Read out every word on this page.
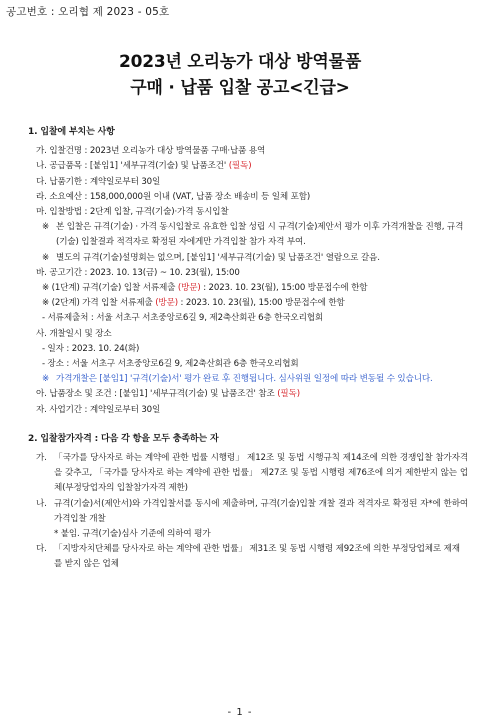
공고번호 : 오리협 제 2023 - 05호
2023년 오리농가 대상 방역물품
구매 · 납품 입찰 공고<긴급>
1. 입찰에 부치는 사항
가. 입찰건명 : 2023년 오리농가 대상 방역물품 구매·납품 용역
나. 공급품목 : [붙임1] '세부규격(기술) 및 납품조건' (필독)
다. 납품기한 : 계약일로부터 30일
라. 소요예산 : 158,000,000원 이내 (VAT, 납품 장소 배송비 등 일체 포함)
마. 입찰방법 : 2단계 입찰, 규격(기술)·가격 동시입찰
※ 본 입찰은 규격(기술) · 가격 동시입찰로 유효한 입찰 성립 시 규격(기술)제안서 평가 이후 가격개찰을 진행, 규격(기술) 입찰결과 적격자로 확정된 자에게만 가격입찰 참가 자격 부여.
※ 별도의 규격(기술)설명회는 없으며, [붙임1] '세부규격(기술) 및 납품조건' 열람으로 갈음.
바. 공고기간 : 2023. 10. 13(금) ~ 10. 23(월), 15:00
※ (1단계) 규격(기술) 입찰 서류제출 (방문) : 2023. 10. 23(월), 15:00 방문접수에 한함
※ (2단계) 가격 입찰 서류제출 (방문) : 2023. 10. 23(월), 15:00 방문접수에 한함
- 서류제출처 : 서울 서초구 서초중앙로6길 9, 제2축산회관 6층 한국오리협회
사. 개찰일시 및 장소
- 일자 : 2023. 10. 24(화)
- 장소 : 서울 서초구 서초중앙로6길 9, 제2축산회관 6층 한국오리협회
※ 가격개찰은 [붙임1] '규격(기술)서' 평가 완료 후 진행됩니다. 심사위원 일정에 따라 변동될 수 있습니다.
아. 납품장소 및 조건 : [붙임1] '세부규격(기술) 및 납품조건' 참조 (필독)
자. 사업기간 : 계약일로부터 30일
2. 입찰참가자격 : 다음 각 항을 모두 충족하는 자
가. 「국가를 당사자로 하는 계약에 관한 법률 시행령」 제12조 및 동법 시행규칙 제14조에 의한 경쟁입찰 참가자격을 갖추고, 「국가를 당사자로 하는 계약에 관한 법률」 제27조 및 동법 시행령 제76조에 의거 제한받지 않는 업체(부정당업자의 입찰참가자격 제한)
나. 규격(기술)서(제안서)와 가격입찰서를 동시에 제출하며, 규격(기술)입찰 개찰 결과 적격자로 확정된 자*에 한하여 가격입찰 개찰
* 붙임. 규격(기술)심사 기준에 의하여 평가
다. 「지방자치단체를 당사자로 하는 계약에 관한 법률」 제31조 및 동법 시행령 제92조에 의한 부정당업체로 제재를 받지 않은 업체
- 1 -
